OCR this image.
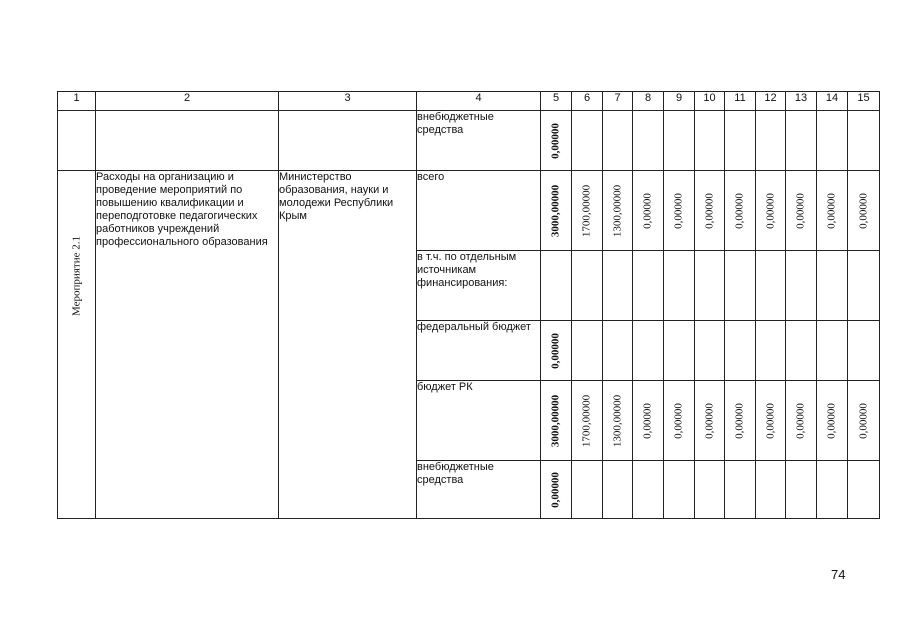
1	2	3	4	5	6	7	8	9	10	11	12	13	14	15
			внебюджетные средства	0,00000										

Мероприятие 2.1	Расходы на организацию и проведение мероприятий по повышению квалификации и переподготовке педагогических работников учреждений профессионального образования	Министерство образования, науки и молодежи Республики Крым	всего	3000,00000	1700,00000	1300,00000	0,00000	0,00000	0,00000	0,00000	0,00000	0,00000	0,00000	0,00000

			в т.ч. по отдельным источникам финансирования:											
			федеральный бюджет	0,00000										

			бюджет РК	3000,00000	1700,00000	1300,00000	0,00000	0,00000	0,00000	0,00000	0,00000	0,00000	0,00000	0,00000

			внебюджетные средства	0,00000										

74
